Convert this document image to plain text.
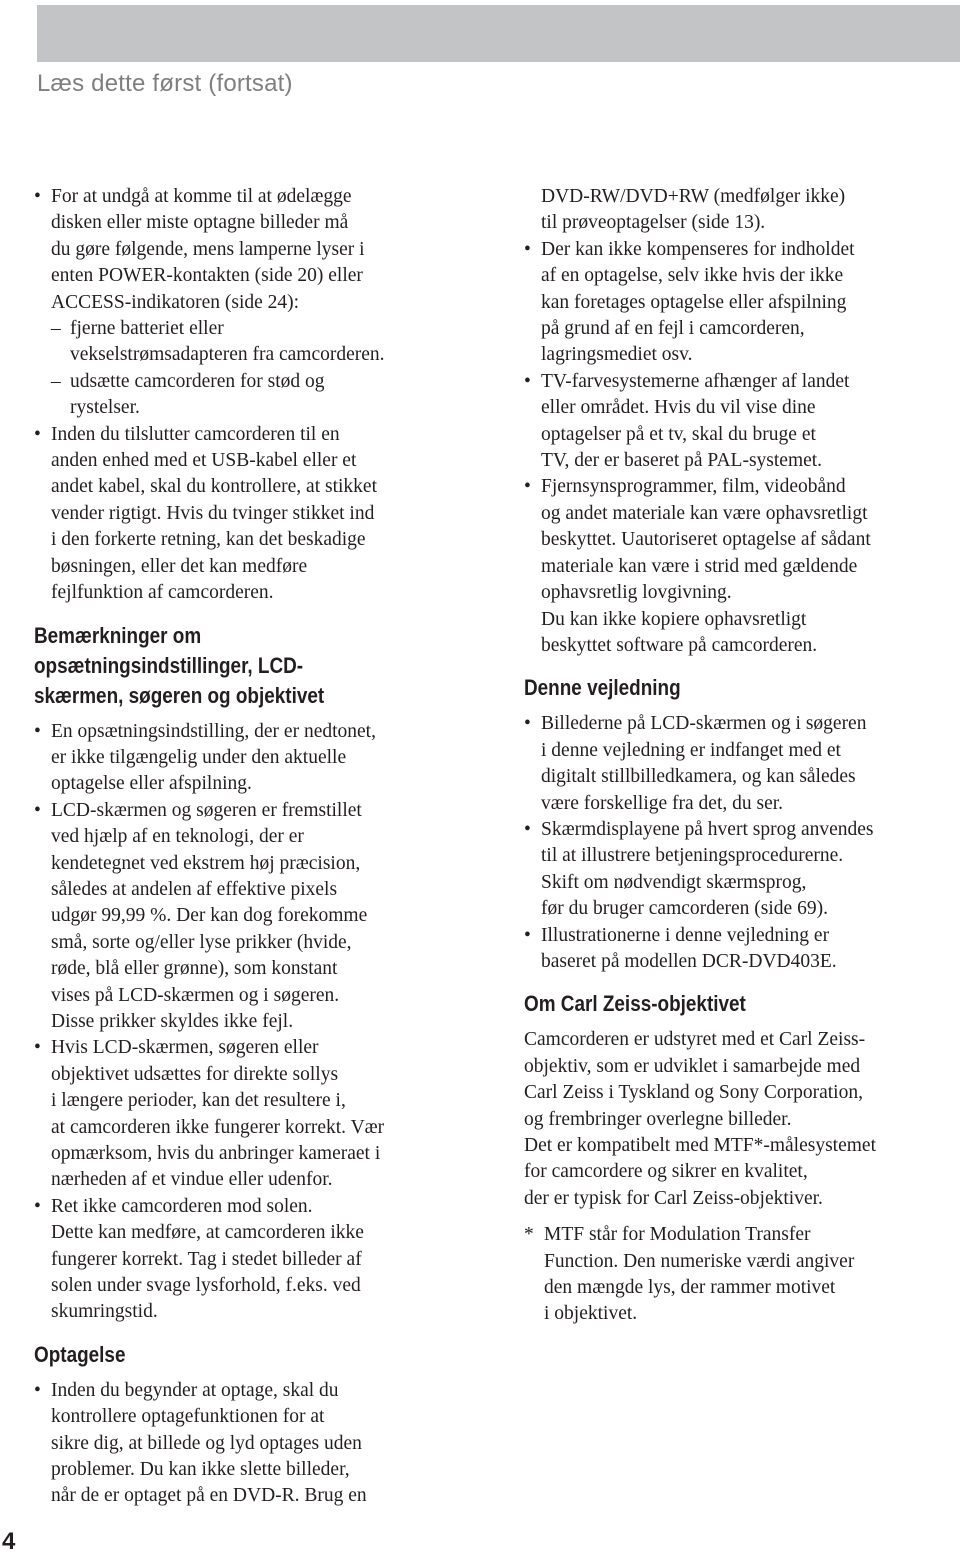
Læs dette først (fortsat)
• For at undgå at komme til at ødelægge
disken eller miste optagne billeder må
du gøre følgende, mens lamperne lyser i
enten POWER-kontakten (side 20) eller
ACCESS-indikatoren (side 24):
– fjerne batteriet eller
vekselstrømsadapteren fra camcorderen.
– udsætte camcorderen for stød og
rystelser.
• Inden du tilslutter camcorderen til en
anden enhed med et USB-kabel eller et
andet kabel, skal du kontrollere, at stikket
vender rigtigt. Hvis du tvinger stikket ind
i den forkerte retning, kan det beskadige
bøsningen, eller det kan medføre
fejlfunktion af camcorderen.
Bemærkninger om
opsætningsindstillinger, LCD-
skærmen, søgeren og objektivet
• En opsætningsindstilling, der er nedtonet,
er ikke tilgængelig under den aktuelle
optagelse eller afspilning.
• LCD-skærmen og søgeren er fremstillet
ved hjælp af en teknologi, der er
kendetegnet ved ekstrem høj præcision,
således at andelen af effektive pixels
udgør 99,99 %. Der kan dog forekomme
små, sorte og/eller lyse prikker (hvide,
røde, blå eller grønne), som konstant
vises på LCD-skærmen og i søgeren.
Disse prikker skyldes ikke fejl.
• Hvis LCD-skærmen, søgeren eller
objektivet udsættes for direkte sollys
i længere perioder, kan det resultere i,
at camcorderen ikke fungerer korrekt. Vær
opmærksom, hvis du anbringer kameraet i
nærheden af et vindue eller udenfor.
• Ret ikke camcorderen mod solen.
Dette kan medføre, at camcorderen ikke
fungerer korrekt. Tag i stedet billeder af
solen under svage lysforhold, f.eks. ved
skumringstid.
Optagelse
• Inden du begynder at optage, skal du
kontrollere optagefunktionen for at
sikre dig, at billede og lyd optages uden
problemer. Du kan ikke slette billeder,
når de er optaget på en DVD-R. Brug en
DVD-RW/DVD+RW (medfølger ikke)
til prøveoptagelser (side 13).
• Der kan ikke kompenseres for indholdet
af en optagelse, selv ikke hvis der ikke
kan foretages optagelse eller afspilning
på grund af en fejl i camcorderen,
lagringsmediet osv.
• TV-farvesystemerne afhænger af landet
eller området. Hvis du vil vise dine
optagelser på et tv, skal du bruge et
TV, der er baseret på PAL-systemet.
• Fjernsynsprogrammer, film, videobånd
og andet materiale kan være ophavsretligt
beskyttet. Uautoriseret optagelse af sådant
materiale kan være i strid med gældende
ophavsretlig lovgivning.
Du kan ikke kopiere ophavsretligt
beskyttet software på camcorderen.
Denne vejledning
• Billederne på LCD-skærmen og i søgeren
i denne vejledning er indfanget med et
digitalt stillbilledkamera, og kan således
være forskellige fra det, du ser.
• Skærmdisplayene på hvert sprog anvendes
til at illustrere betjeningsprocedurerne.
Skift om nødvendigt skærmsprog,
før du bruger camcorderen (side 69).
• Illustrationerne i denne vejledning er
baseret på modellen DCR-DVD403E.
Om Carl Zeiss-objektivet
Camcorderen er udstyret med et Carl Zeiss-
objektiv, som er udviklet i samarbejde med
Carl Zeiss i Tyskland og Sony Corporation,
og frembringer overlegne billeder.
Det er kompatibelt med MTF*-målesystemet
for camcordere og sikrer en kvalitet,
der er typisk for Carl Zeiss-objektiver.
* MTF står for Modulation Transfer
Function. Den numeriske værdi angiver
den mængde lys, der rammer motivet
i objektivet.
4
